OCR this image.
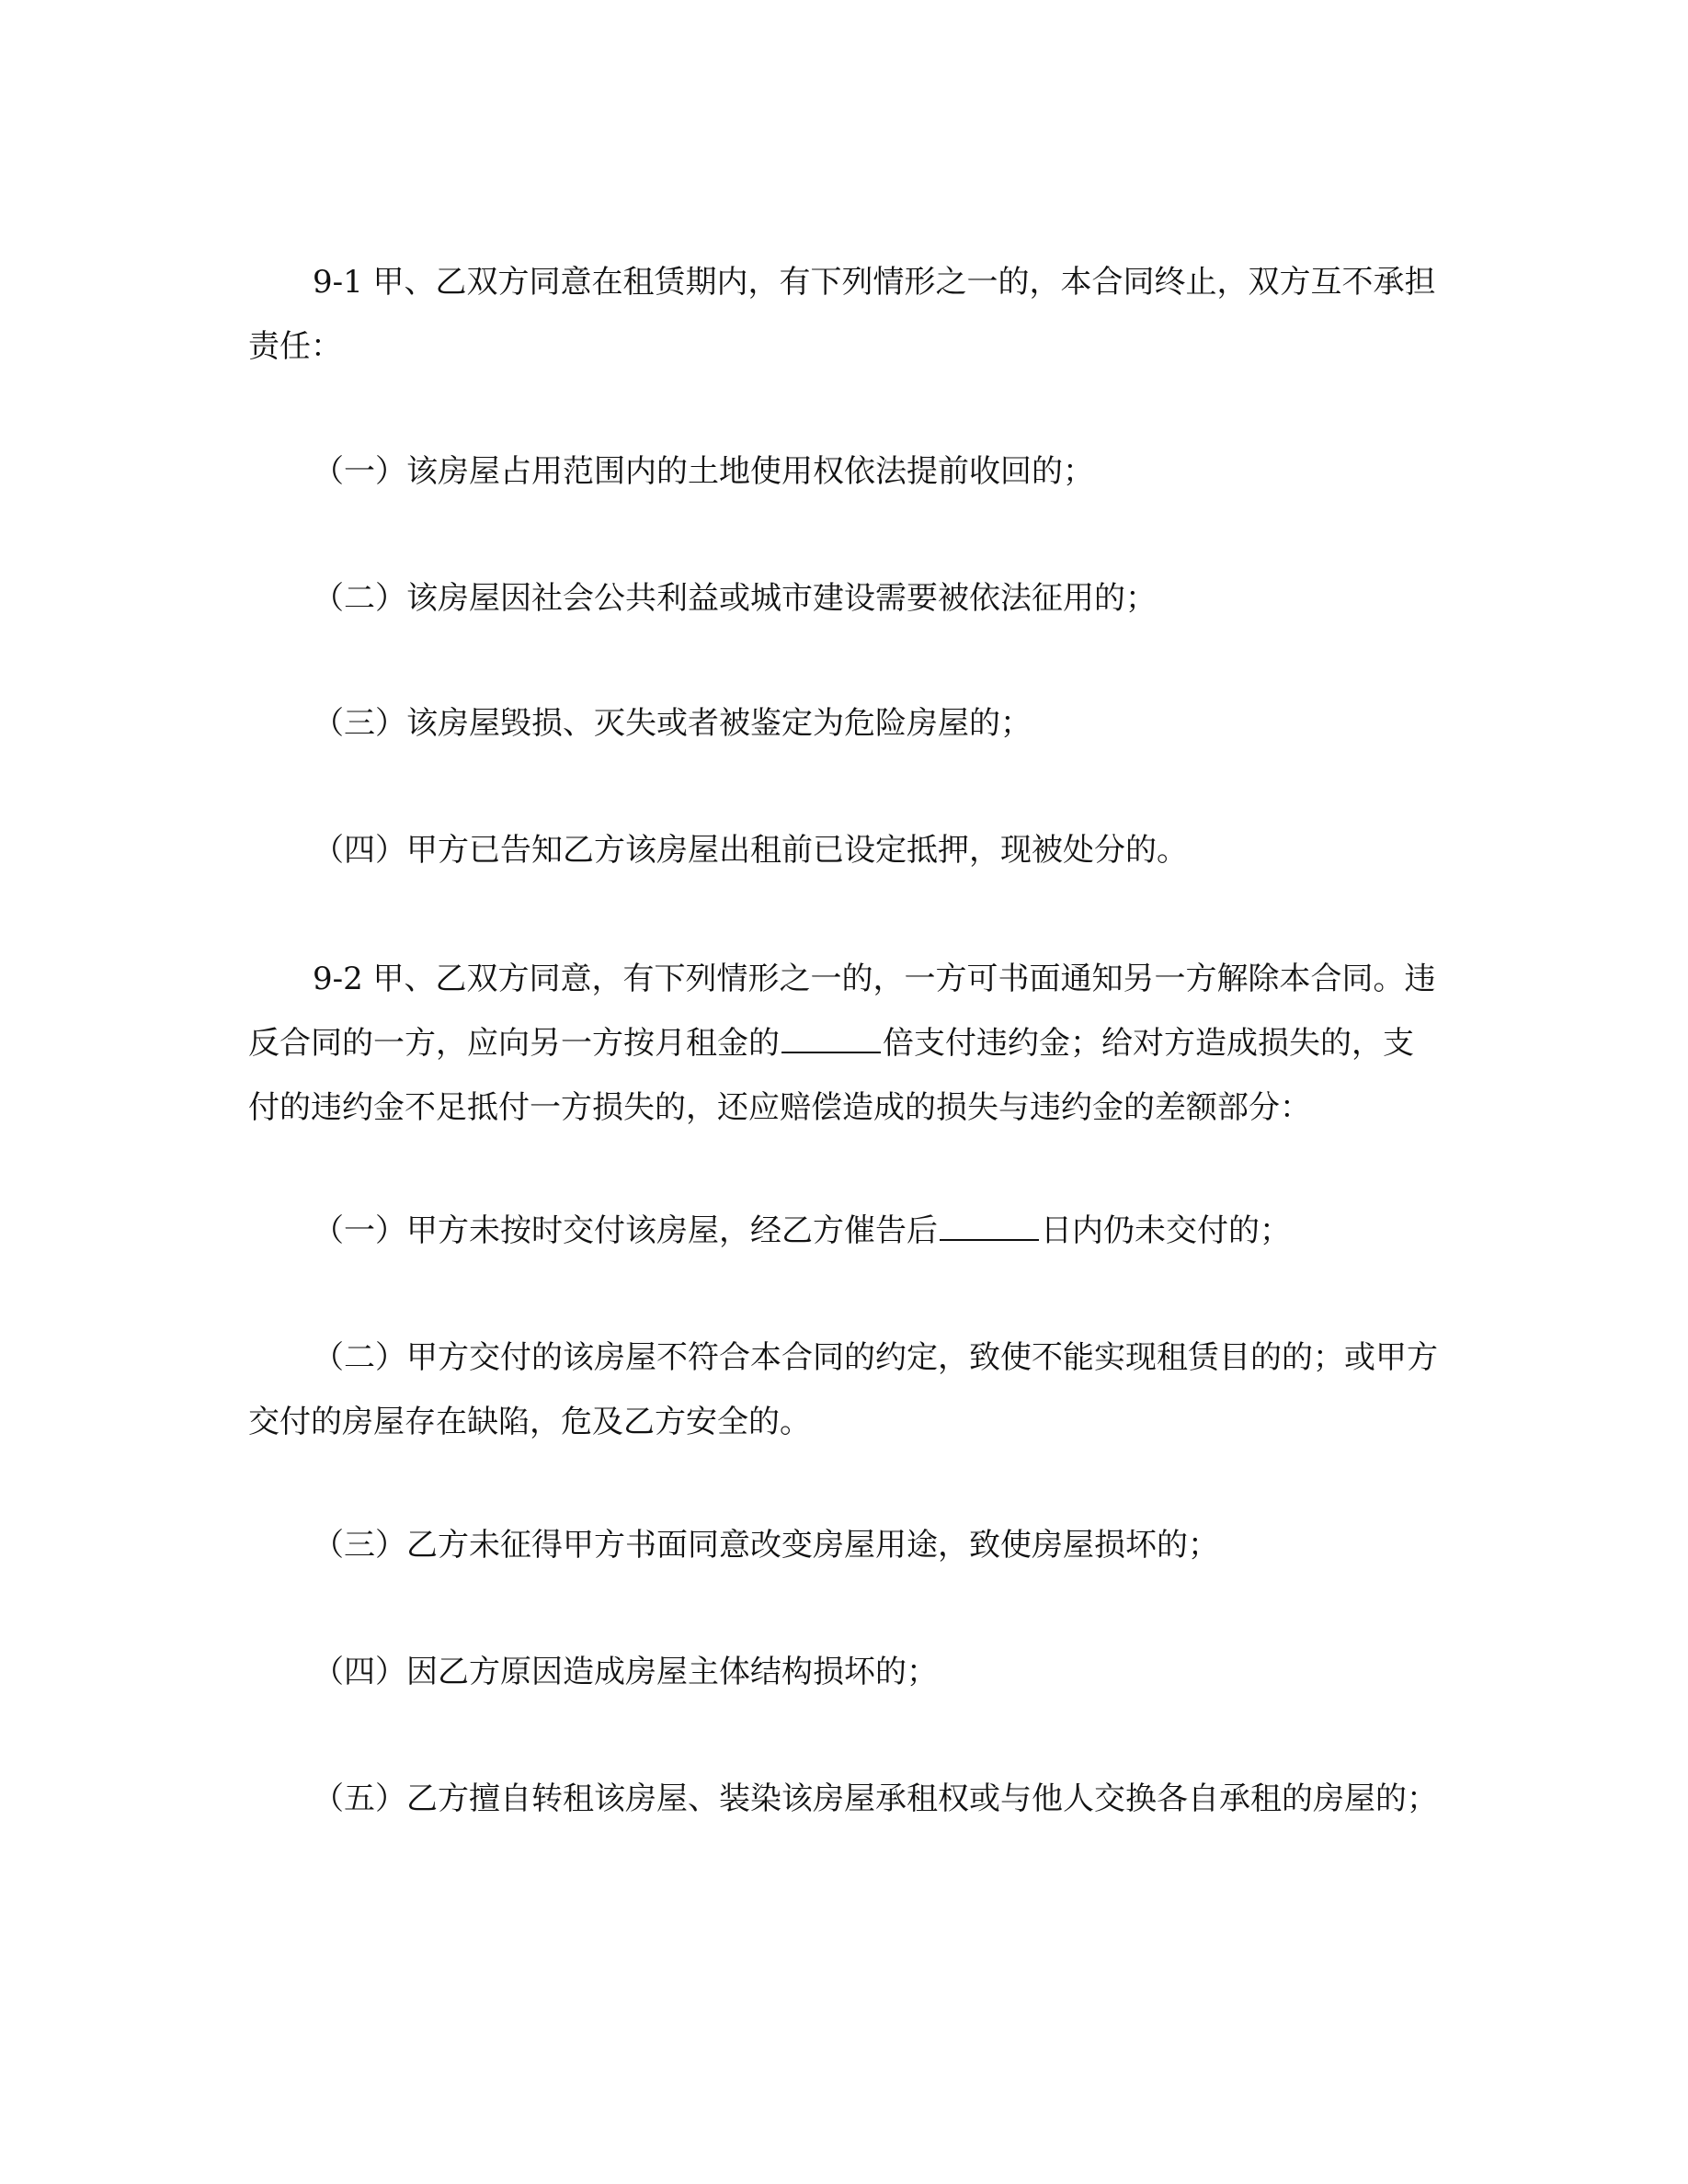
9-1 甲、乙双方同意在租赁期内，有下列情形之一的，本合同终止，双方互不承担责任：

（一）该房屋占用范围内的土地使用权依法提前收回的；

（二）该房屋因社会公共利益或城市建设需要被依法征用的；

（三）该房屋毁损、灭失或者被鉴定为危险房屋的；

（四）甲方已告知乙方该房屋出租前已设定抵押，现被处分的。

9-2 甲、乙双方同意，有下列情形之一的，一方可书面通知另一方解除本合同。违反合同的一方，应向另一方按月租金的	倍支付违约金；给对方造成损失的，支付的违约金不足抵付一方损失的，还应赔偿造成的损失与违约金的差额部分：

（一）甲方未按时交付该房屋，经乙方催告后	日内仍未交付的；

（二）甲方交付的该房屋不符合本合同的约定，致使不能实现租赁目的的；或甲方交付的房屋存在缺陷，危及乙方安全的。

（三）乙方未征得甲方书面同意改变房屋用途，致使房屋损坏的；

（四）因乙方原因造成房屋主体结构损坏的；

（五）乙方擅自转租该房屋、装染该房屋承租权或与他人交换各自承租的房屋的；
